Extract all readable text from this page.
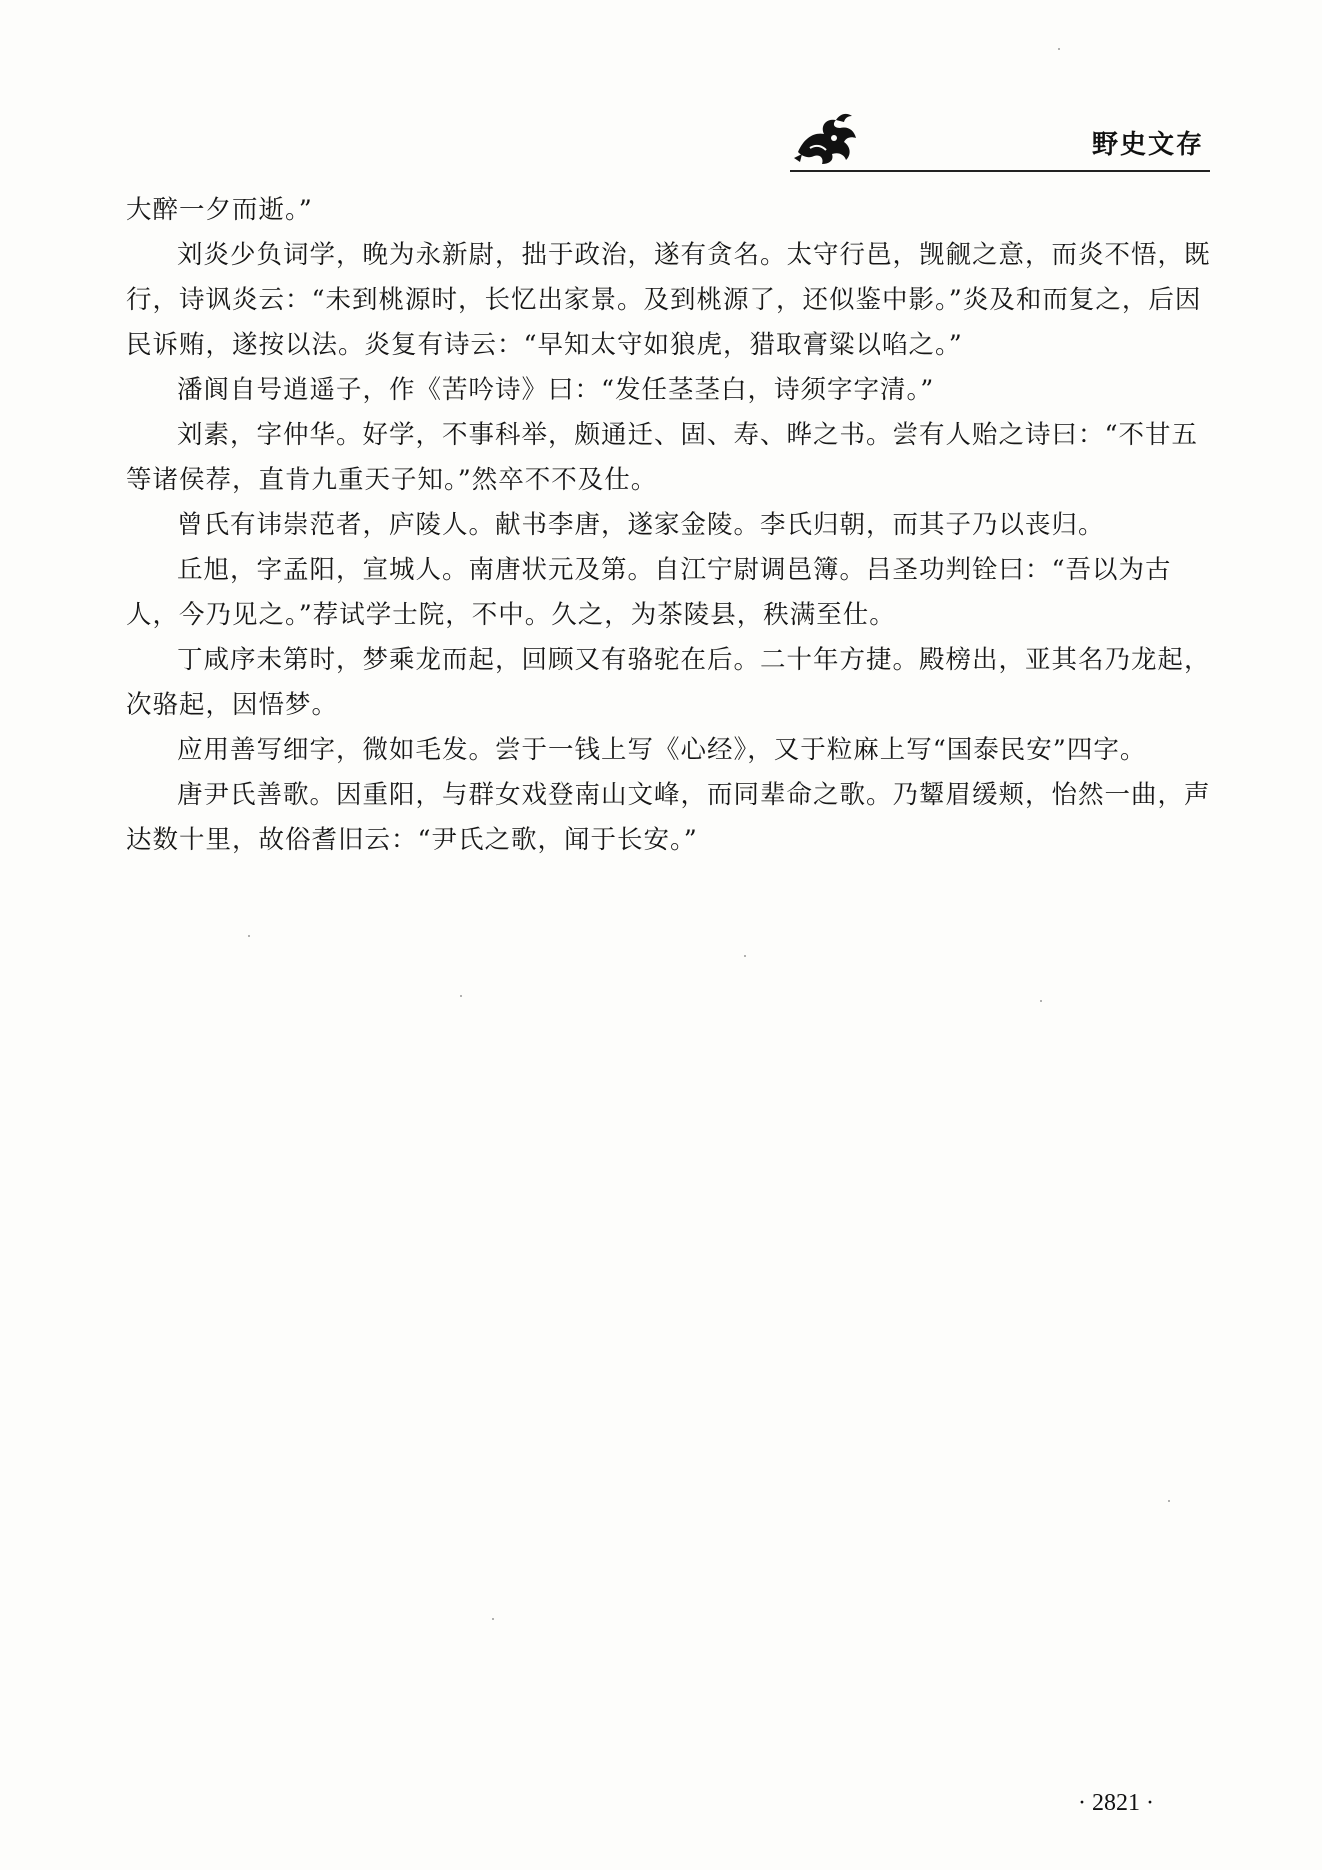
野史文存

大醉一夕而逝。”

刘炎少负词学，晚为永新尉，拙于政治，遂有贪名。太守行邑，觊觎之意，而炎不悟，既行，诗讽炎云：“未到桃源时，长忆出家景。及到桃源了，还似鉴中影。”炎及和而复之，后因民诉贿，遂按以法。炎复有诗云：“早知太守如狼虎，猎取膏粱以啗之。”

潘阆自号逍遥子，作《苦吟诗》曰：“发任茎茎白，诗须字字清。”

刘素，字仲华。好学，不事科举，颇通迁、固、寿、晔之书。尝有人贻之诗曰：“不甘五等诸侯荐，直肯九重天子知。”然卒不不及仕。

曾氏有讳崇范者，庐陵人。献书李唐，遂家金陵。李氏归朝，而其子乃以丧归。

丘旭，字孟阳，宣城人。南唐状元及第。自江宁尉调邑簿。吕圣功判铨曰：“吾以为古人，今乃见之。”荐试学士院，不中。久之，为茶陵县，秩满至仕。

丁咸序未第时，梦乘龙而起，回顾又有骆驼在后。二十年方捷。殿榜出，亚其名乃龙起，次骆起，因悟梦。

应用善写细字，微如毛发。尝于一钱上写《心经》，又于粒麻上写“国泰民安”四字。

唐尹氏善歌。因重阳，与群女戏登南山文峰，而同辈命之歌。乃颦眉缓颊，怡然一曲，声达数十里，故俗耆旧云：“尹氏之歌，闻于长安。”

· 2821 ·
